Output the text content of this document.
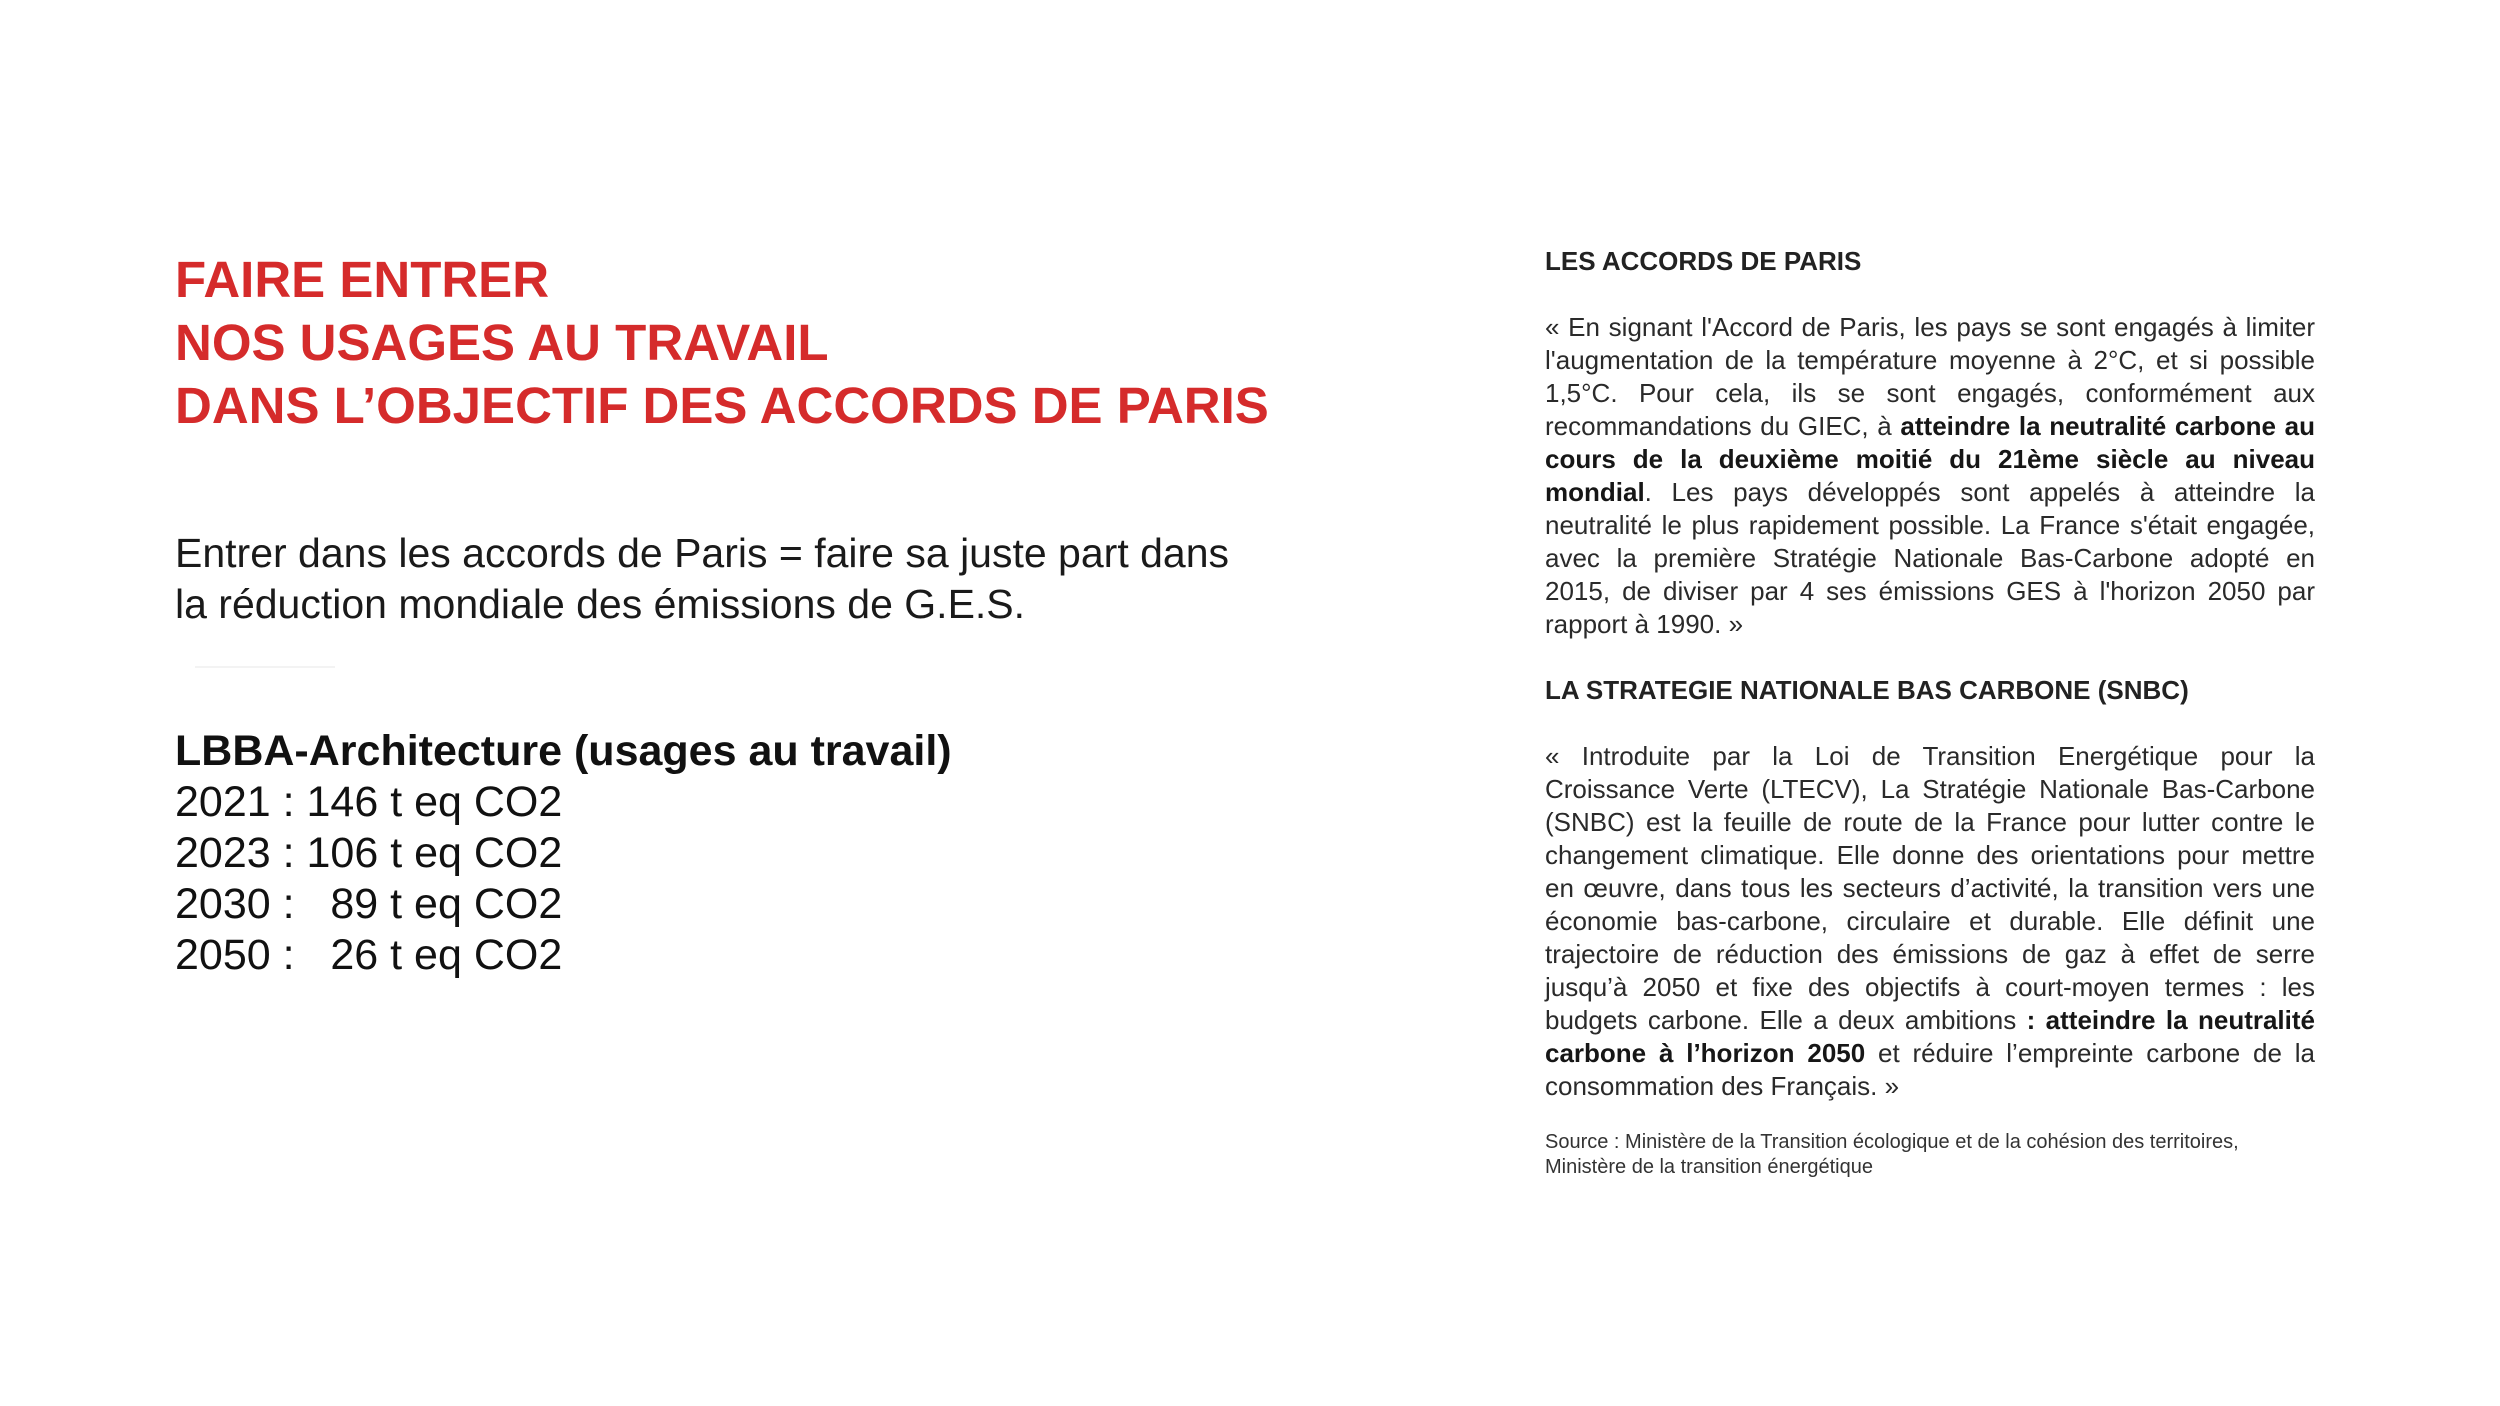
FAIRE ENTRER
NOS USAGES AU TRAVAIL
DANS L’OBJECTIF DES ACCORDS DE PARIS
Entrer dans les accords de Paris = faire sa juste part dans
la réduction mondiale des émissions de G.E.S.
LBBA-Architecture (usages au travail)
2021 : 146 t eq CO2
2023 : 106 t eq CO2
2030 :   89 t eq CO2
2050 :   26 t eq CO2
LES ACCORDS DE PARIS

« En signant l'Accord de Paris, les pays se sont engagés à limiter l'augmentation de la température moyenne à 2°C, et si possible 1,5°C. Pour cela, ils se sont engagés, conformément aux recommandations du GIEC, à atteindre la neutralité carbone au cours de la deuxième moitié du 21ème siècle au niveau mondial. Les pays développés sont appelés à atteindre la neutralité le plus rapidement possible. La France s'était engagée, avec la première Stratégie Nationale Bas-Carbone adopté en 2015, de diviser par 4 ses émissions GES à l'horizon 2050 par rapport à 1990. »

LA STRATEGIE NATIONALE BAS CARBONE (SNBC)

« Introduite par la Loi de Transition Energétique pour la Croissance Verte (LTECV), La Stratégie Nationale Bas-Carbone (SNBC) est la feuille de route de la France pour lutter contre le changement climatique. Elle donne des orientations pour mettre en œuvre, dans tous les secteurs d’activité, la transition vers une économie bas-carbone, circulaire et durable. Elle définit une trajectoire de réduction des émissions de gaz à effet de serre jusqu’à 2050 et fixe des objectifs à court-moyen termes : les budgets carbone. Elle a deux ambitions : atteindre la neutralité carbone à l’horizon 2050 et réduire l’empreinte carbone de la consommation des Français. »

Source : Ministère de la Transition écologique et de la cohésion des territoires,
Ministère de la transition énergétique
